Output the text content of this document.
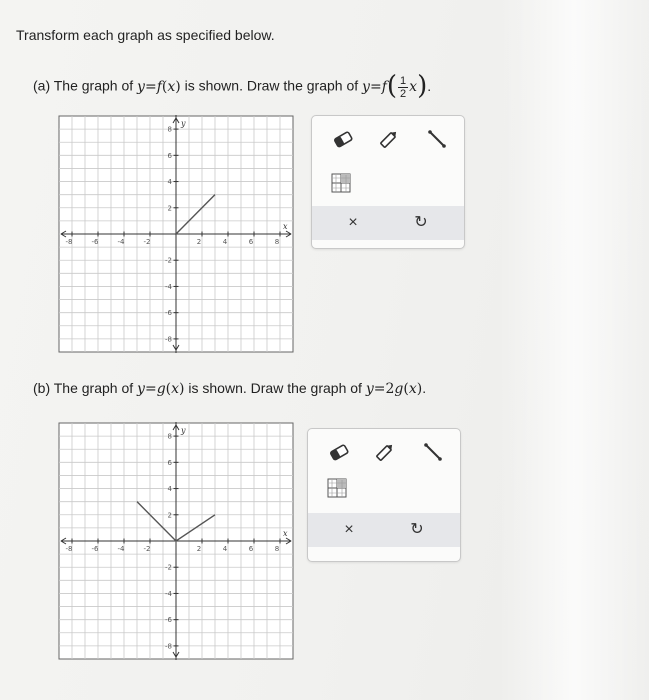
Transform each graph as specified below.
(a) The graph of y=f(x) is shown. Draw the graph of $y=f( \frac{1}{2} x)$.
-8	-6	-4	-2	2	4	6	8
8
6
4
2
-2
-4
-6
-8
x
y
×	↻
(b) The graph of y=g(x) is shown. Draw the graph of y=2g(x).
-8	-6	-4	-2	2	4	6	8
8
6
4
2
-2
-4
-6
-8
x
y
×	↻
